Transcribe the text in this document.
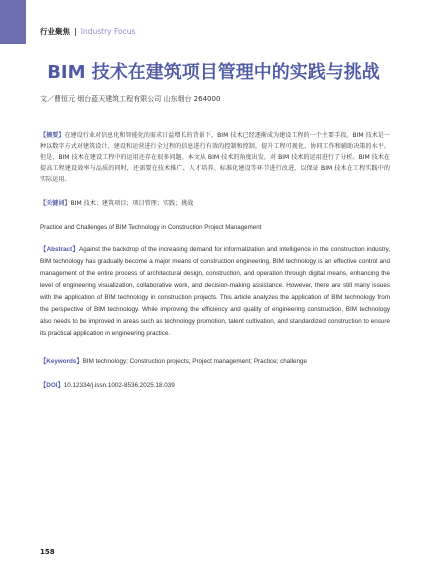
行业聚焦 | Industry Focus
BIM 技术在建筑项目管理中的实践与挑战
文／曹恒元 烟台蓝天建筑工程有限公司 山东烟台 264000
【摘要】在建设行业对信息化和智能化的需求日益增长的背景下，BIM 技术已经逐渐成为建设工程的一个主要手段。BIM 技术是一种以数字方式对建筑设计、建设和运营进行全过程的信息进行有效的控制和控制，提升工程可视化、协同工作和辅助决策的水平。但是，BIM 技术在建设工程中的运用还存在很多问题。本文从 BIM 技术的角度出发，对 BIM 技术的运用进行了分析。BIM 技术在提高工程建设效率与品质的同时，还需要在技术推广、人才培养、标准化建设等环节进行改进，以保证 BIM 技术在工程实践中的实际运用。
【关键词】BIM 技术；建筑项目；项目管理；实践；挑战
Practice and Challenges of BIM Technology in Construction Project Management
【Abstract】Against the backdrop of the increasing demand for informatization and intelligence in the construction industry, BIM technology has gradually become a major means of construction engineering. BIM technology is an effective control and management of the entire process of architectural design, construction, and operation through digital means, enhancing the level of engineering visualization, collaborative work, and decision-making assistance. However, there are still many issues with the application of BIM technology in construction projects. This article analyzes the application of BIM technology from the perspective of BIM technology. While improving the efficiency and quality of engineering construction, BIM technology also needs to be improved in areas such as technology promotion, talent cultivation, and standardized construction to ensure its practical application in engineering practice.
【Keywords】BIM technology; Construction projects; Project management; Practice; challenge
【DOI】10.12334/j.issn.1002-8536.2025.18.039
158
